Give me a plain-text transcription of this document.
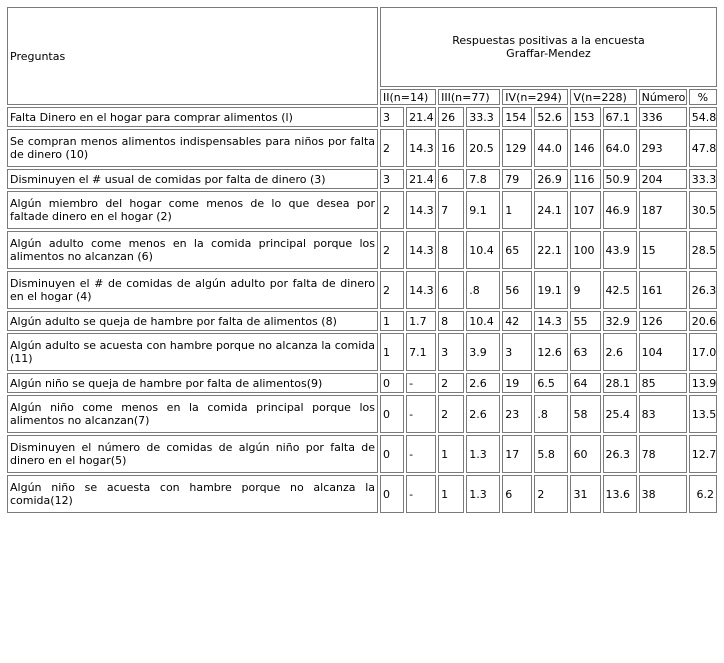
Preguntas	Respuestas positivas a la encuesta
Graffar-Mendez									

	II(n=14)		III(n=77)		IV(n=294)		V(n=228)		Número	%
Falta Dinero en el hogar para comprar alimentos (l)	3	21.4	26	33.3	154	52.6	153	67.1	336	54.8
Se compran menos alimentos indispensables para niños por falta de dinero (10)	2	14.3	16	20.5	129	44.0	146	64.0	293	47.8
Disminuyen el # usual de comidas por falta de dinero (3)	3	21.4	6	7.8	79	26.9	116	50.9	204	33.3
Algún miembro del hogar come menos de lo que desea por faltade dinero en el hogar (2)	2	14.3	7	9.1	1	24.1	107	46.9	187	30.5
Algún adulto come menos en la comida principal porque los alimentos no alcanzan (6)	2	14.3	8	10.4	65	22.1	100	43.9	15	28.5
Disminuyen el # de comidas de algún adulto por falta de dinero en el hogar (4)	2	14.3	6	.8	56	19.1	9	42.5	161	26.3
Algún adulto se queja de hambre por falta de alimentos (8)	1	1.7	8	10.4	42	14.3	55	32.9	126	20.6
Algún adulto se acuesta con hambre porque no alcanza la comida (11)	1	7.1	3	3.9	3	12.6	63	2.6	104	17.0
Algún niño se queja de hambre por falta de alimentos(9)	0	-	2	2.6	19	6.5	64	28.1	85	13.9
Algún niño come menos en la comida principal porque los alimentos no alcanzan(7)	0	-	2	2.6	23	.8	58	25.4	83	13.5
Disminuyen el número de comidas de algún niño por falta de dinero en el hogar(5)	0	-	1	1.3	17	5.8	60	26.3	78	12.7
Algún niño se acuesta con hambre porque no alcanza la comida(12)	0	-	1	1.3	6	2	31	13.6	38	6.2
